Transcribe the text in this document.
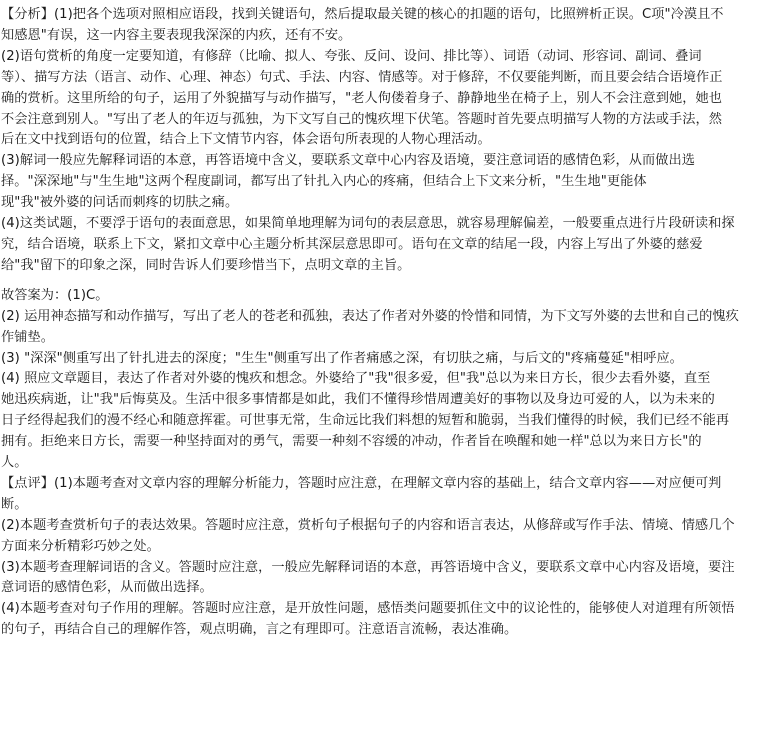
【分析】(1)把各个选项对照相应语段，找到关键语句，然后提取最关键的核心的扣题的语句，比照辨析正误。C项"冷漠且不
知感恩"有误，这一内容主要表现我深深的内疚，还有不安。
(2)语句赏析的角度一定要知道，有修辞（比喻、拟人、夸张、反问、设问、排比等）、词语（动词、形容词、副词、叠词
等）、描写方法（语言、动作、心理、神态）句式、手法、内容、情感等。对于修辞，不仅要能判断，而且要会结合语境作正
确的赏析。这里所给的句子，运用了外貌描写与动作描写，"老人佝偻着身子、静静地坐在椅子上，别人不会注意到她，她也
不会注意到别人。"写出了老人的年迈与孤独，为下文写自己的愧疚埋下伏笔。答题时首先要点明描写人物的方法或手法，然
后在文中找到语句的位置，结合上下文情节内容，体会语句所表现的人物心理活动。
(3)解词一般应先解释词语的本意，再答语境中含义，要联系文章中心内容及语境，要注意词语的感情色彩，从而做出选
择。"深深地"与"生生地"这两个程度副词，都写出了针扎入内心的疼痛，但结合上下文来分析，"生生地"更能体
现"我"被外婆的问话而刺疼的切肤之痛。
(4)这类试题，不要浮于语句的表面意思，如果简单地理解为词句的表层意思，就容易理解偏差，一般要重点进行片段研读和探
究，结合语境，联系上下文，紧扣文章中心主题分析其深层意思即可。语句在文章的结尾一段，内容上写出了外婆的慈爱
给"我"留下的印象之深，同时告诉人们要珍惜当下，点明文章的主旨。
故答案为：(1)C。
(2) 运用神态描写和动作描写，写出了老人的苍老和孤独，表达了作者对外婆的怜惜和同情，为下文写外婆的去世和自己的愧疚
作铺垫。
(3) "深深"侧重写出了针扎进去的深度；"生生"侧重写出了作者痛感之深，有切肤之痛，与后文的"疼痛蔓延"相呼应。
(4) 照应文章题目，表达了作者对外婆的愧疚和想念。外婆给了"我"很多爱，但"我"总以为来日方长，很少去看外婆，直至
她迅疾病逝，让"我"后悔莫及。生活中很多事情都是如此，我们不懂得珍惜周遭美好的事物以及身边可爱的人，以为未来的
日子经得起我们的漫不经心和随意挥霍。可世事无常，生命远比我们料想的短暂和脆弱，当我们懂得的时候，我们已经不能再
拥有。拒绝来日方长，需要一种坚持面对的勇气，需要一种刻不容缓的冲动，作者旨在唤醒和她一样"总以为来日方长"的
人。
【点评】(1)本题考查对文章内容的理解分析能力，答题时应注意，在理解文章内容的基础上，结合文章内容——对应便可判
断。
(2)本题考查赏析句子的表达效果。答题时应注意，赏析句子根据句子的内容和语言表达，从修辞或写作手法、情境、情感几个
方面来分析精彩巧妙之处。
(3)本题考查理解词语的含义。答题时应注意，一般应先解释词语的本意，再答语境中含义，要联系文章中心内容及语境，要注
意词语的感情色彩，从而做出选择。
(4)本题考查对句子作用的理解。答题时应注意，是开放性问题，感悟类问题要抓住文中的议论性的，能够使人对道理有所领悟
的句子，再结合自己的理解作答，观点明确，言之有理即可。注意语言流畅，表达准确。
